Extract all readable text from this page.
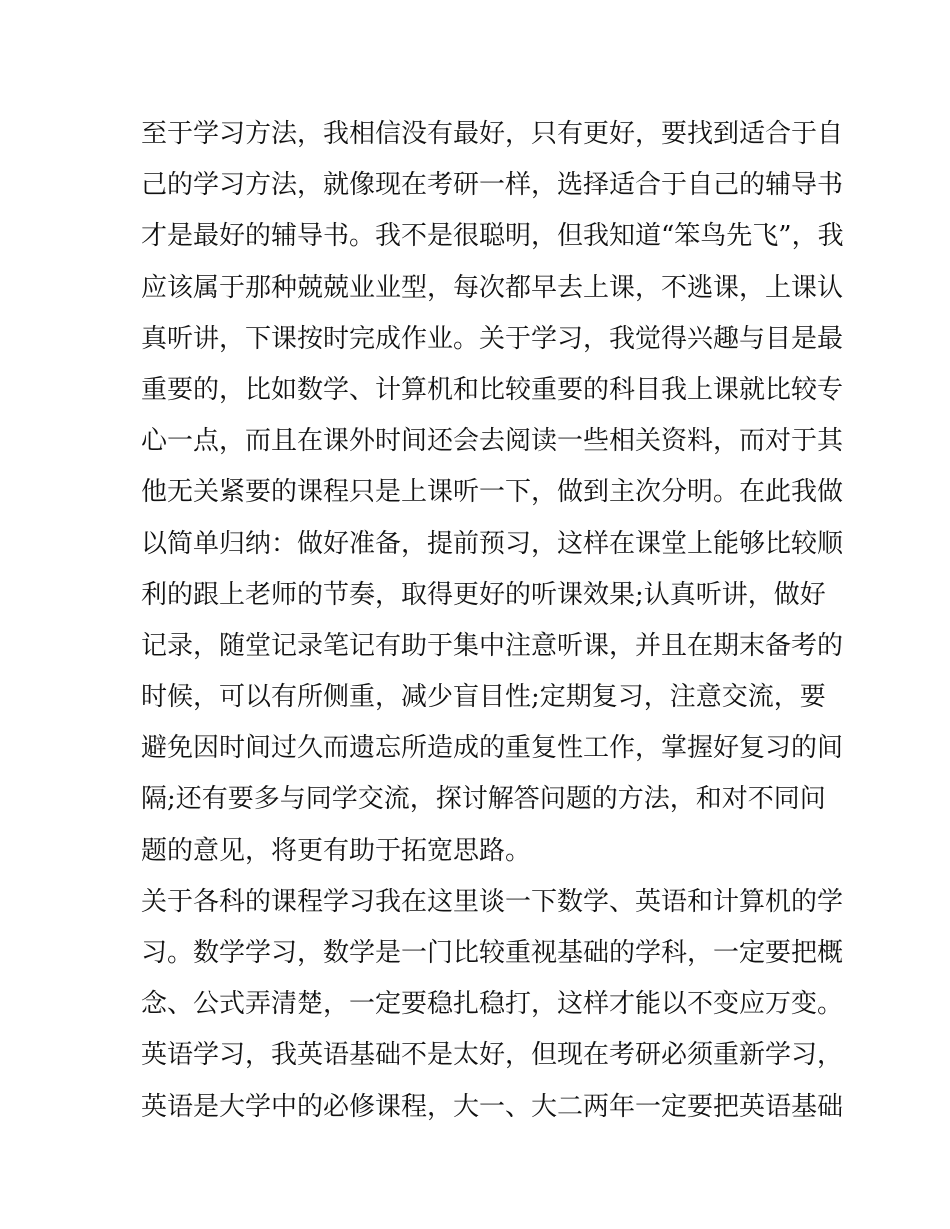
至于学习方法，我相信没有最好，只有更好，要找到适合于自
己的学习方法，就像现在考研一样，选择适合于自己的辅导书
才是最好的辅导书。我不是很聪明，但我知道“笨鸟先飞”，我
应该属于那种兢兢业业型，每次都早去上课，不逃课，上课认
真听讲，下课按时完成作业。关于学习，我觉得兴趣与目是最
重要的，比如数学、计算机和比较重要的科目我上课就比较专
心一点，而且在课外时间还会去阅读一些相关资料，而对于其
他无关紧要的课程只是上课听一下，做到主次分明。在此我做
以简单归纳：做好准备，提前预习，这样在课堂上能够比较顺
利的跟上老师的节奏，取得更好的听课效果;认真听讲，做好
记录，随堂记录笔记有助于集中注意听课，并且在期末备考的
时候，可以有所侧重，减少盲目性;定期复习，注意交流，要
避免因时间过久而遗忘所造成的重复性工作，掌握好复习的间
隔;还有要多与同学交流，探讨解答问题的方法，和对不同问
题的意见，将更有助于拓宽思路。
关于各科的课程学习我在这里谈一下数学、英语和计算机的学
习。数学学习，数学是一门比较重视基础的学科，一定要把概
念、公式弄清楚，一定要稳扎稳打，这样才能以不变应万变。
英语学习，我英语基础不是太好，但现在考研必须重新学习，
英语是大学中的必修课程，大一、大二两年一定要把英语基础
